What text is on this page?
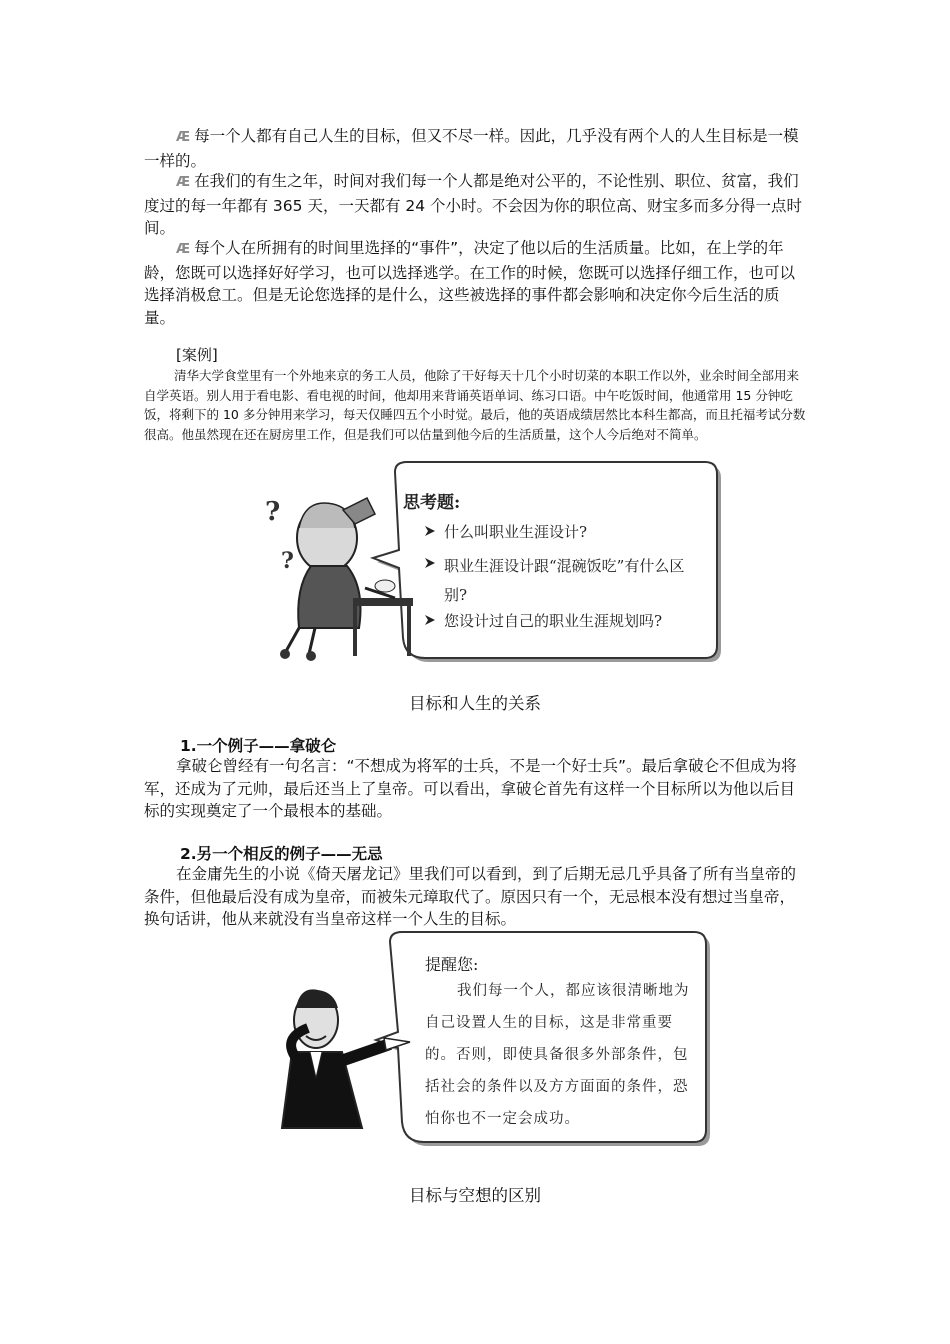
Æ 每一个人都有自己人生的目标，但又不尽一样。因此，几乎没有两个人的人生目标是一模一样的。
Æ 在我们的有生之年，时间对我们每一个人都是绝对公平的，不论性别、职位、贫富，我们度过的每一年都有 365 天，一天都有 24 个小时。不会因为你的职位高、财宝多而多分得一点时间。
Æ 每个人在所拥有的时间里选择的“事件”，决定了他以后的生活质量。比如，在上学的年龄，您既可以选择好好学习，也可以选择逃学。在工作的时候，您既可以选择仔细工作，也可以选择消极怠工。但是无论您选择的是什么，这些被选择的事件都会影响和决定你今后生活的质量。
[案例]
清华大学食堂里有一个外地来京的务工人员，他除了干好每天十几个小时切菜的本职工作以外，业余时间全部用来自学英语。别人用于看电影、看电视的时间，他却用来背诵英语单词、练习口语。中午吃饭时间，他通常用 15 分钟吃饭，将剩下的 10 多分钟用来学习，每天仅睡四五个小时觉。最后，他的英语成绩居然比本科生都高，而且托福考试分数很高。他虽然现在还在厨房里工作，但是我们可以估量到他今后的生活质量，这个人今后绝对不简单。
?
?
思考题:
什么叫职业生涯设计?
职业生涯设计跟“混碗饭吃”有什么区别?
您设计过自己的职业生涯规划吗?
目标和人生的关系
1.一个例子——拿破仑
拿破仑曾经有一句名言：“不想成为将军的士兵，不是一个好士兵”。最后拿破仑不但成为将军，还成为了元帅，最后还当上了皇帝。可以看出，拿破仑首先有这样一个目标所以为他以后目标的实现奠定了一个最根本的基础。
2.另一个相反的例子——无忌
在金庸先生的小说《倚天屠龙记》里我们可以看到，到了后期无忌几乎具备了所有当皇帝的条件，但他最后没有成为皇帝，而被朱元璋取代了。原因只有一个，无忌根本没有想过当皇帝，换句话讲，他从来就没有当皇帝这样一个人生的目标。
提醒您:
我们每一个人，都应该很清晰地为自己设置人生的目标，这是非常重要的。否则，即使具备很多外部条件，包括社会的条件以及方方面面的条件，恐怕你也不一定会成功。
目标与空想的区别
